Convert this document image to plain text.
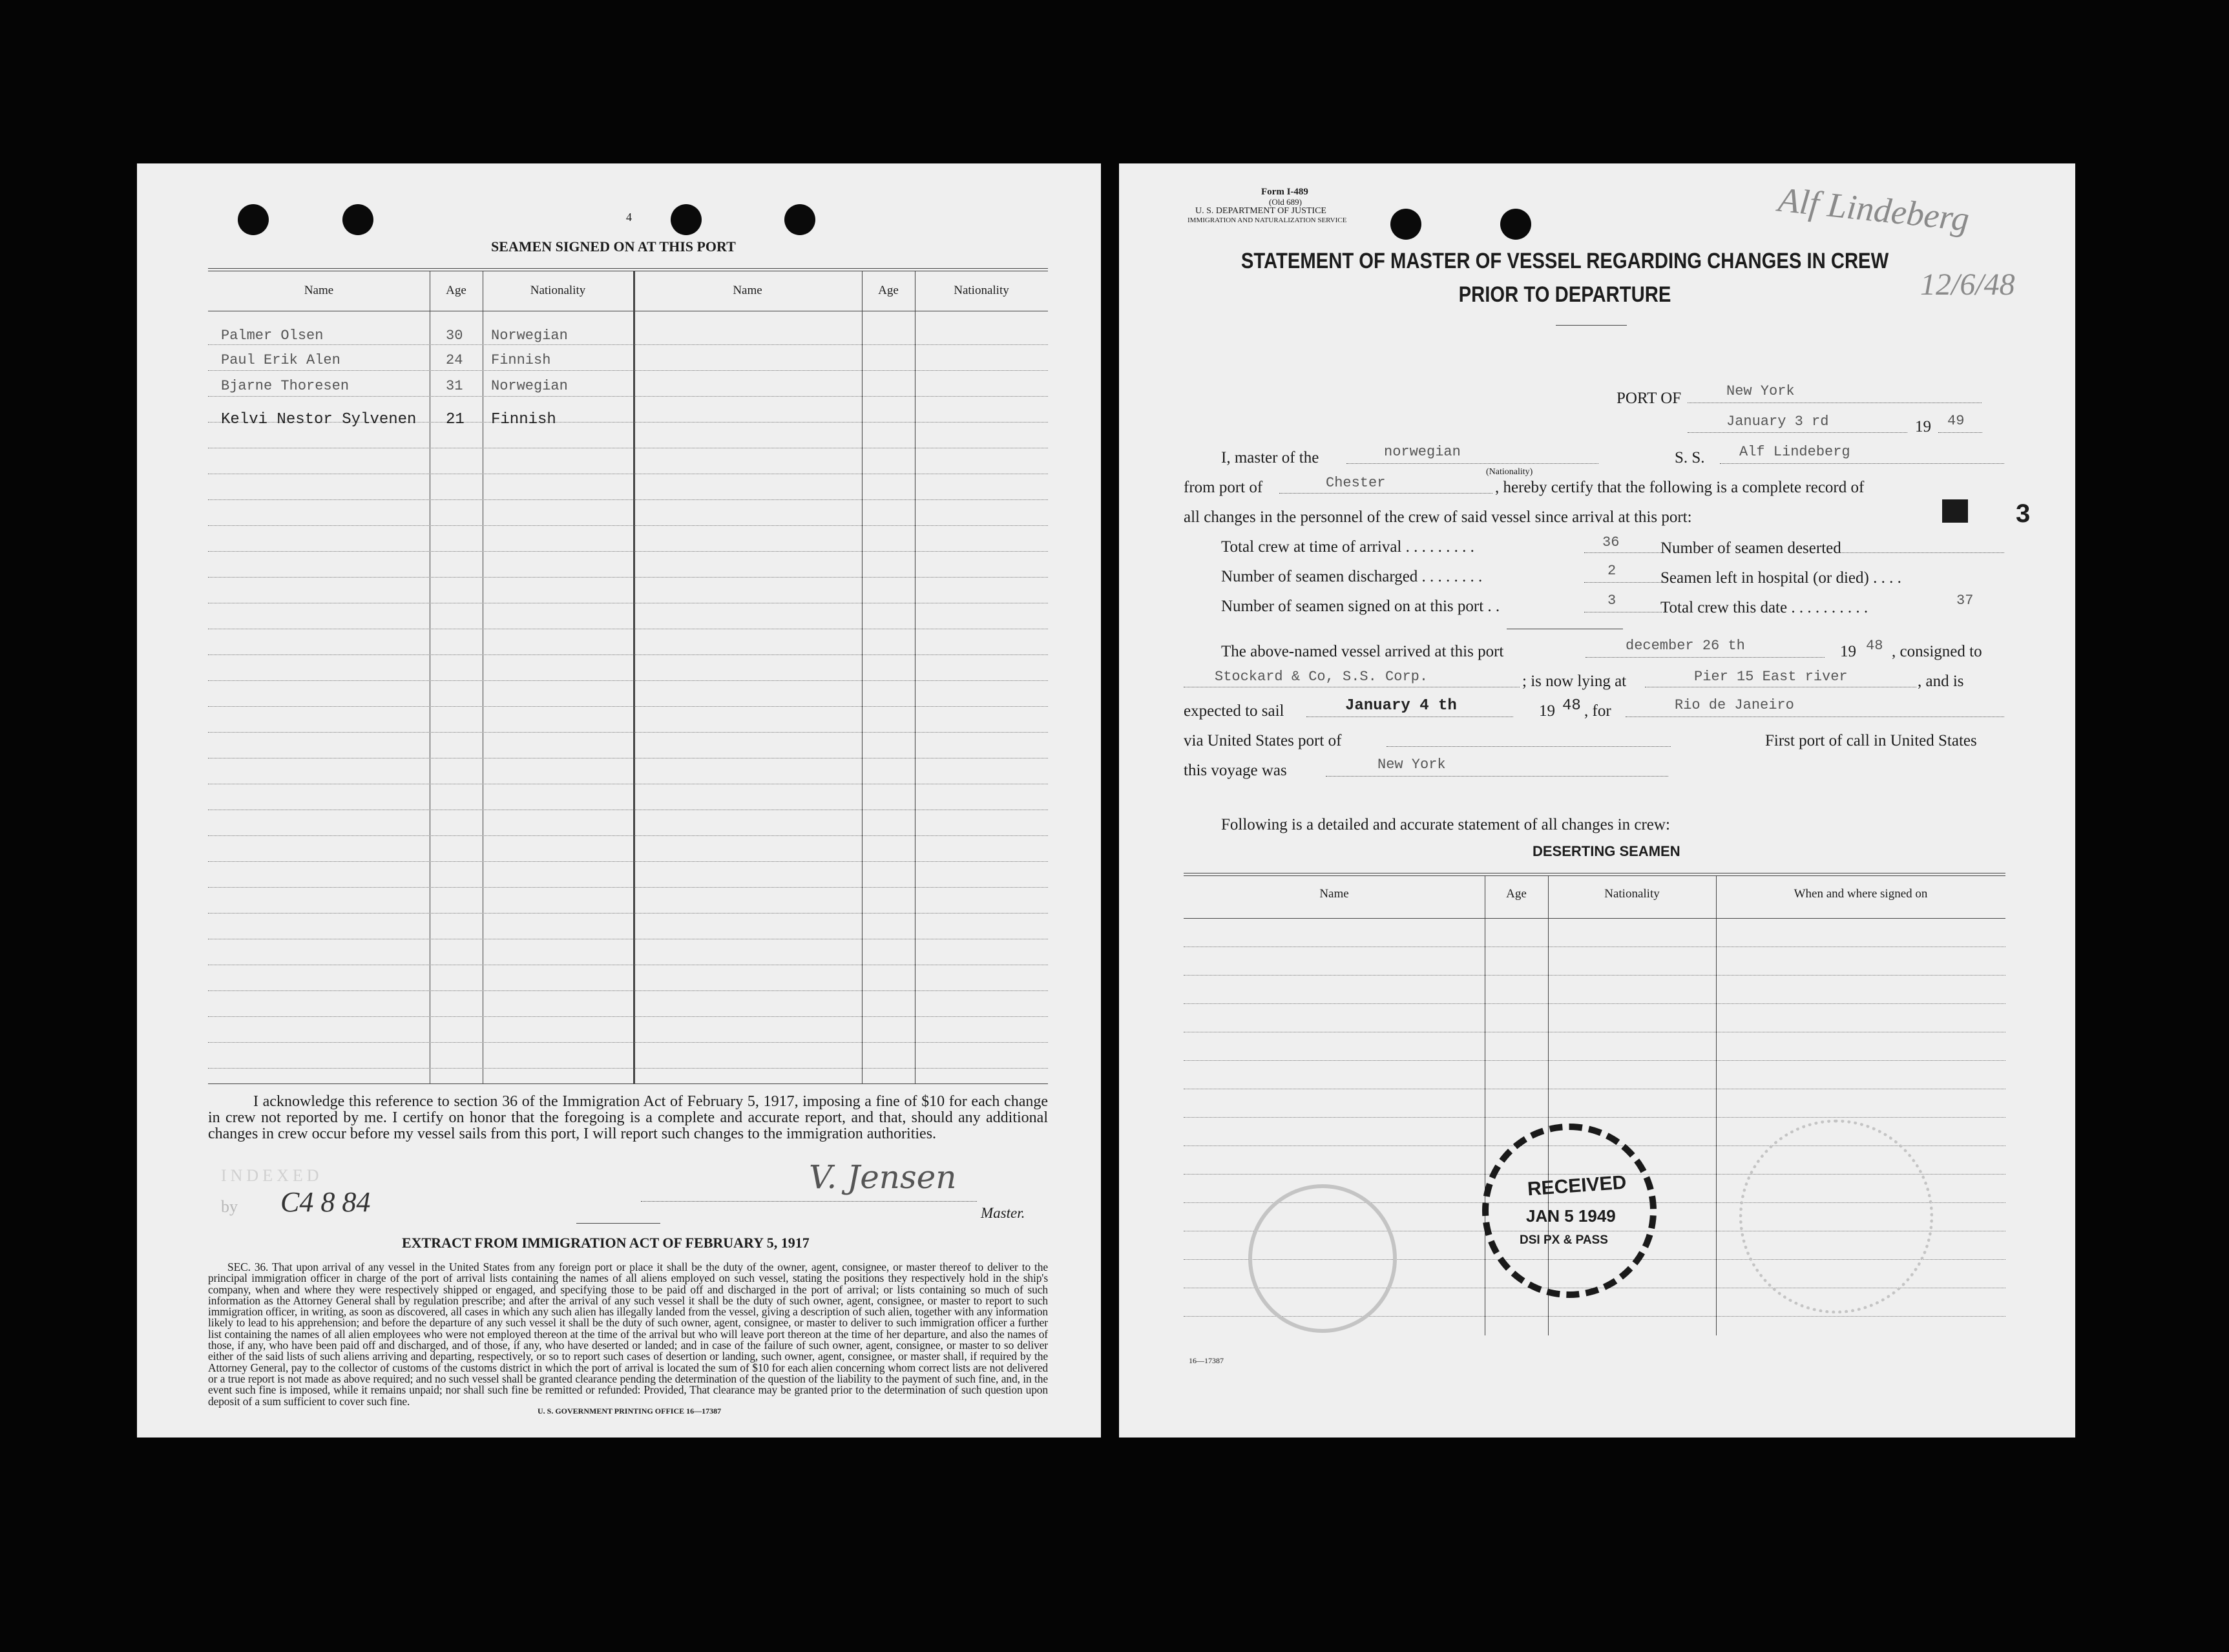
4
SEAMEN SIGNED ON AT THIS PORT
Name	Age	Nationality	Name	Age	Nationality
Palmer Olsen	30 Norwegian
Paul Erik Alen	24 Finnish
Bjarne Thoresen	31 Norwegian
Kelvi Nestor Sylvenen 21 Finnish
I acknowledge this reference to section 36 of the Immigration Act of February 5, 1917, imposing a fine of $10 for each change in crew not reported by me. I certify on honor that the foregoing is a complete and accurate report, and that, should any additional changes in crew occur before my vessel sails from this port, I will report such changes to the immigration authorities.
INDEXED
by C4 8 84
V. Jensen
Master.
EXTRACT FROM IMMIGRATION ACT OF FEBRUARY 5, 1917
SEC. 36. That upon arrival of any vessel in the United States from any foreign port or place it shall be the duty of the owner, agent, consignee, or master thereof to deliver to the principal immigration officer in charge of the port of arrival lists containing the names of all aliens employed on such vessel, stating the positions they respectively hold in the ship's company, when and where they were respectively shipped or engaged, and specifying those to be paid off and discharged in the port of arrival; or lists containing so much of such information as the Attorney General shall by regulation prescribe; and after the arrival of any such vessel it shall be the duty of such owner, agent, consignee, or master to report to such immigration officer, in writing, as soon as discovered, all cases in which any such alien has illegally landed from the vessel, giving a description of such alien, together with any information likely to lead to his apprehension; and before the departure of any such vessel it shall be the duty of such owner, agent, consignee, or master to deliver to such immigration officer a further list containing the names of all alien employees who were not employed thereon at the time of the arrival but who will leave port thereon at the time of her departure, and also the names of those, if any, who have been paid off and discharged, and of those, if any, who have deserted or landed; and in case of the failure of such owner, agent, consignee, or master to so deliver either of the said lists of such aliens arriving and departing, respectively, or so to report such cases of desertion or landing, such owner, agent, consignee, or master shall, if required by the Attorney General, pay to the collector of customs of the customs district in which the port of arrival is located the sum of $10 for each alien concerning whom correct lists are not delivered or a true report is not made as above required; and no such vessel shall be granted clearance pending the determination of the question of the liability to the payment of such fine, and, in the event such fine is imposed, while it remains unpaid; nor shall such fine be remitted or refunded: Provided, That clearance may be granted prior to the determination of such question upon deposit of a sum sufficient to cover such fine.
U. S. GOVERNMENT PRINTING OFFICE 16—17387
Form I-489
(Old 689)
U. S. DEPARTMENT OF JUSTICE
IMMIGRATION AND NATURALIZATION SERVICE	Alf Lindeberg
12/6/48
STATEMENT OF MASTER OF VESSEL REGARDING CHANGES IN CREW
PRIOR TO DEPARTURE
PORT OF	New York
January 3 rd	19 49
I, master of the	norwegian
(Nationality)
S. S. Alf Lindeberg
from port of	Chester	, hereby certify that the following is a complete record of
all changes in the personnel of the crew of said vessel since arrival at this port:	3
Total crew at time of arrival . . . . . . . . .	36	Number of seamen deserted
Number of seamen discharged . . . . . . . .	2	Seamen left in hospital (or died) . . . .
Number of seamen signed on at this port . .	3	Total crew this date . . . . . . . . . .	37
The above-named vessel arrived at this port	december 26 th	19 48 , consigned to
Stockard & Co, S.S. Corp.	; is now lying at	Pier 15 East river	, and is
expected to sail	January 4 th	19 48 , for	Rio de Janeiro
via United States port of	First port of call in United States
this voyage was	New York
Following is a detailed and accurate statement of all changes in crew:
DESERTING SEAMEN
Name	Age	Nationality	When and where signed on
16—17387
RECEIVED
JAN 5 1949
DSI PX & PASS
